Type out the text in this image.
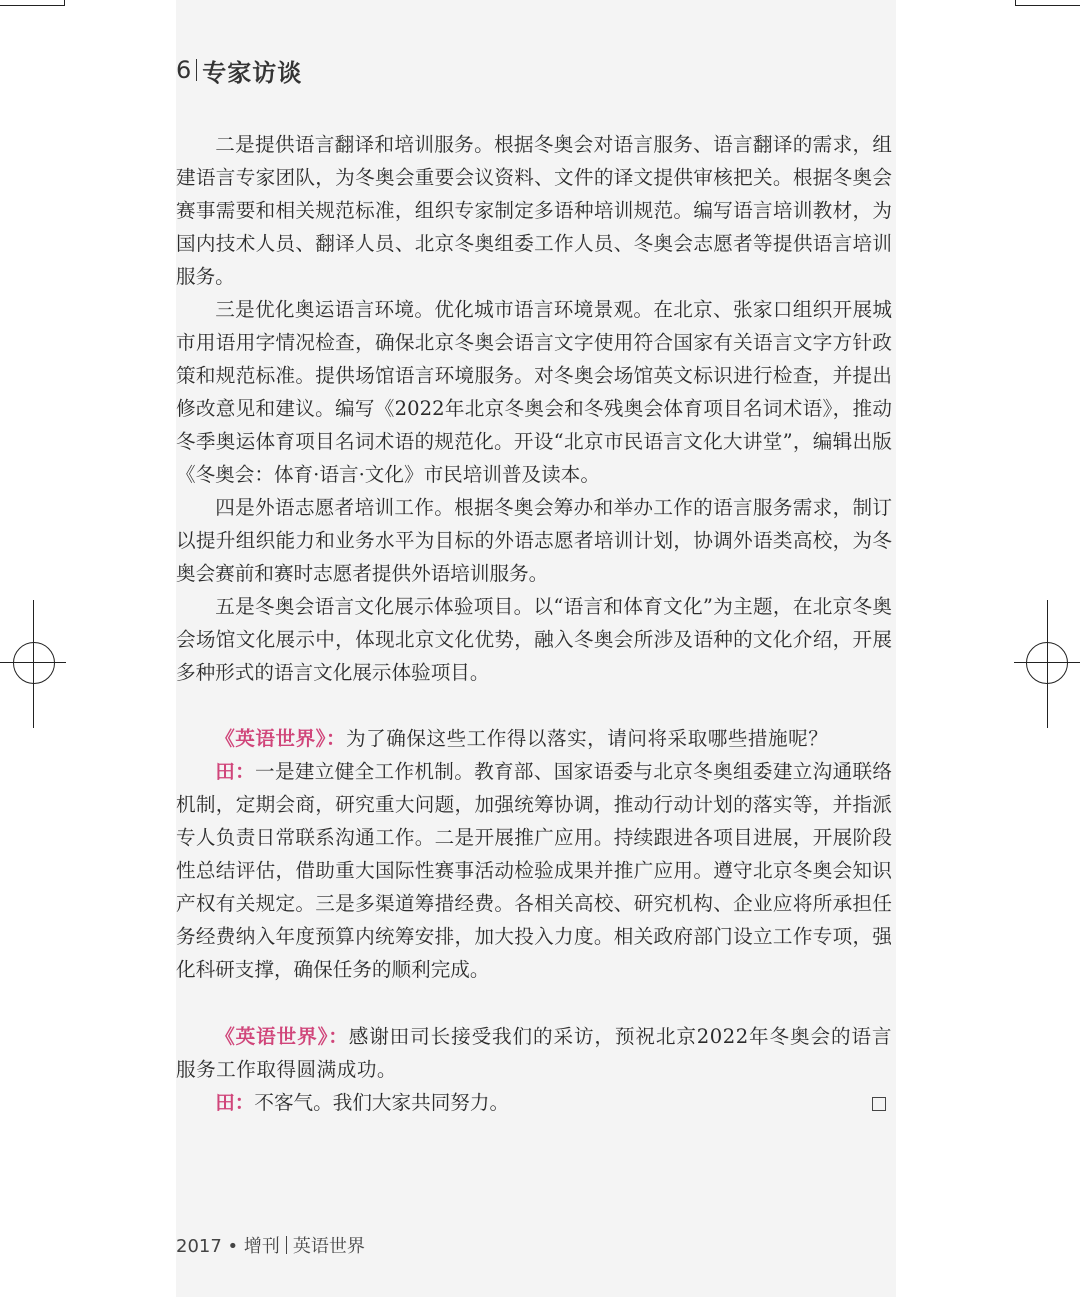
6 专家访谈

二是提供语言翻译和培训服务。根据冬奥会对语言服务、语言翻译的需求，组建语言专家团队，为冬奥会重要会议资料、文件的译文提供审核把关。根据冬奥会赛事需要和相关规范标准，组织专家制定多语种培训规范。编写语言培训教材，为国内技术人员、翻译人员、北京冬奥组委工作人员、冬奥会志愿者等提供语言培训服务。

三是优化奥运语言环境。优化城市语言环境景观。在北京、张家口组织开展城市用语用字情况检查，确保北京冬奥会语言文字使用符合国家有关语言文字方针政策和规范标准。提供场馆语言环境服务。对冬奥会场馆英文标识进行检查，并提出修改意见和建议。编写《2022年北京冬奥会和冬残奥会体育项目名词术语》，推动冬季奥运体育项目名词术语的规范化。开设“北京市民语言文化大讲堂”，编辑出版《冬奥会：体育·语言·文化》市民培训普及读本。

四是外语志愿者培训工作。根据冬奥会筹办和举办工作的语言服务需求，制订以提升组织能力和业务水平为目标的外语志愿者培训计划，协调外语类高校，为冬奥会赛前和赛时志愿者提供外语培训服务。

五是冬奥会语言文化展示体验项目。以“语言和体育文化”为主题，在北京冬奥会场馆文化展示中，体现北京文化优势，融入冬奥会所涉及语种的文化介绍，开展多种形式的语言文化展示体验项目。

《英语世界》：为了确保这些工作得以落实，请问将采取哪些措施呢？

田：一是建立健全工作机制。教育部、国家语委与北京冬奥组委建立沟通联络机制，定期会商，研究重大问题，加强统筹协调，推动行动计划的落实等，并指派专人负责日常联系沟通工作。二是开展推广应用。持续跟进各项目进展，开展阶段性总结评估，借助重大国际性赛事活动检验成果并推广应用。遵守北京冬奥会知识产权有关规定。三是多渠道筹措经费。各相关高校、研究机构、企业应将所承担任务经费纳入年度预算内统筹安排，加大投入力度。相关政府部门设立工作专项，强化科研支撑，确保任务的顺利完成。

《英语世界》：感谢田司长接受我们的采访，预祝北京2022年冬奥会的语言服务工作取得圆满成功。

田：不客气。我们大家共同努力。

2017 • 增刊 英语世界
